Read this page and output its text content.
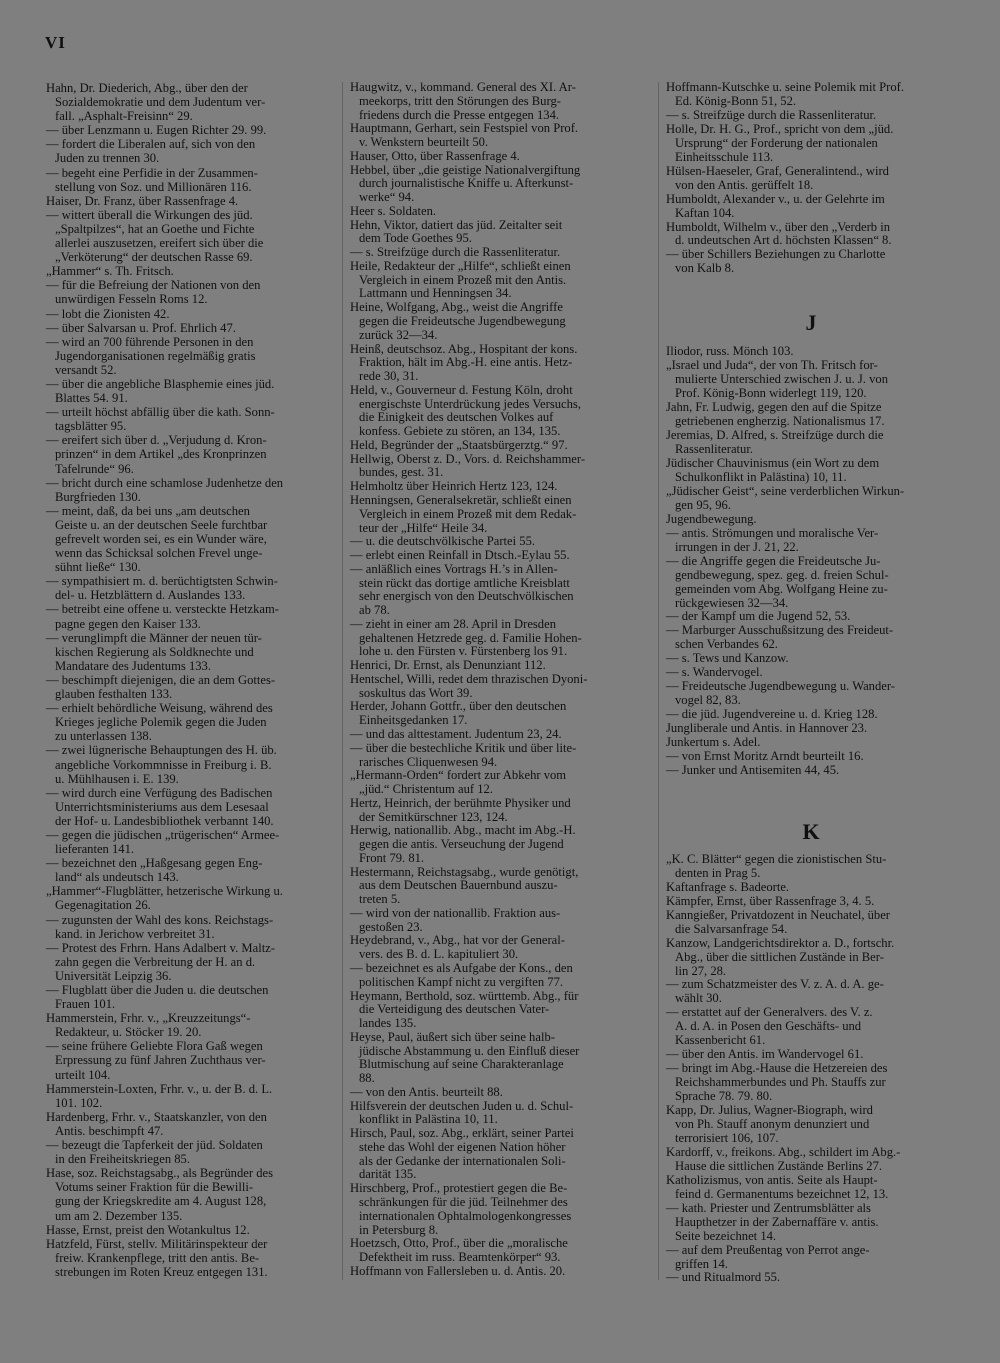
VI
Hahn, Dr. Diederich, Abg., über den der
Sozialdemokratie und dem Judentum ver-
fall. „Asphalt-Freisinn“ 29.
— über Lenzmann u. Eugen Richter 29. 99.
— fordert die Liberalen auf, sich von den
Juden zu trennen 30.
— begeht eine Perfidie in der Zusammen-
stellung von Soz. und Millionären 116.
Haiser, Dr. Franz, über Rassenfrage 4.
— wittert überall die Wirkungen des jüd.
„Spaltpilzes“, hat an Goethe und Fichte
allerlei auszusetzen, ereifert sich über die
„Verköterung“ der deutschen Rasse 69.
„Hammer“ s. Th. Fritsch.
— für die Befreiung der Nationen von den
unwürdigen Fesseln Roms 12.
— lobt die Zionisten 42.
— über Salvarsan u. Prof. Ehrlich 47.
— wird an 700 führende Personen in den
Jugendorganisationen regelmäßig gratis
versandt 52.
— über die angebliche Blasphemie eines jüd.
Blattes 54. 91.
— urteilt höchst abfällig über die kath. Sonn-
tagsblätter 95.
— ereifert sich über d. „Verjudung d. Kron-
prinzen“ in dem Artikel „des Kronprinzen
Tafelrunde“ 96.
— bricht durch eine schamlose Judenhetze den
Burgfrieden 130.
— meint, daß, da bei uns „am deutschen
Geiste u. an der deutschen Seele furchtbar
gefrevelt worden sei, es ein Wunder wäre,
wenn das Schicksal solchen Frevel unge-
sühnt ließe“ 130.
— sympathisiert m. d. berüchtigtsten Schwin-
del- u. Hetzblättern d. Auslandes 133.
— betreibt eine offene u. versteckte Hetzkam-
pagne gegen den Kaiser 133.
— verunglimpft die Männer der neuen tür-
kischen Regierung als Soldknechte und
Mandatare des Judentums 133.
— beschimpft diejenigen, die an dem Gottes-
glauben festhalten 133.
— erhielt behördliche Weisung, während des
Krieges jegliche Polemik gegen die Juden
zu unterlassen 138.
— zwei lügnerische Behauptungen des H. üb.
angebliche Vorkommnisse in Freiburg i. B.
u. Mühlhausen i. E. 139.
— wird durch eine Verfügung des Badischen
Unterrichtsministeriums aus dem Lesesaal
der Hof- u. Landesbibliothek verbannt 140.
— gegen die jüdischen „trügerischen“ Armee-
lieferanten 141.
— bezeichnet den „Haßgesang gegen Eng-
land“ als undeutsch 143.
„Hammer“-Flugblätter, hetzerische Wirkung u.
Gegenagitation 26.
— zugunsten der Wahl des kons. Reichstags-
kand. in Jerichow verbreitet 31.
— Protest des Frhrn. Hans Adalbert v. Maltz-
zahn gegen die Verbreitung der H. an d.
Universität Leipzig 36.
— Flugblatt über die Juden u. die deutschen
Frauen 101.
Hammerstein, Frhr. v., „Kreuzzeitungs“-
Redakteur, u. Stöcker 19. 20.
— seine frühere Geliebte Flora Gaß wegen
Erpressung zu fünf Jahren Zuchthaus ver-
urteilt 104.
Hammerstein-Loxten, Frhr. v., u. der B. d. L.
101. 102.
Hardenberg, Frhr. v., Staatskanzler, von den
Antis. beschimpft 47.
— bezeugt die Tapferkeit der jüd. Soldaten
in den Freiheitskriegen 85.
Hase, soz. Reichstagsabg., als Begründer des
Votums seiner Fraktion für die Bewilli-
gung der Kriegskredite am 4. August 128,
um am 2. Dezember 135.
Hasse, Ernst, preist den Wotankultus 12.
Hatzfeld, Fürst, stellv. Militärinspekteur der
freiw. Krankenpflege, tritt den antis. Be-
strebungen im Roten Kreuz entgegen 131.
Haugwitz, v., kommand. General des XI. Ar-
meekorps, tritt den Störungen des Burg-
friedens durch die Presse entgegen 134.
Hauptmann, Gerhart, sein Festspiel von Prof.
v. Wenkstern beurteilt 50.
Hauser, Otto, über Rassenfrage 4.
Hebbel, über „die geistige Nationalvergiftung
durch journalistische Kniffe u. Afterkunst-
werke“ 94.
Heer s. Soldaten.
Hehn, Viktor, datiert das jüd. Zeitalter seit
dem Tode Goethes 95.
— s. Streifzüge durch die Rassenliteratur.
Heile, Redakteur der „Hilfe“, schließt einen
Vergleich in einem Prozeß mit den Antis.
Lattmann und Henningsen 34.
Heine, Wolfgang, Abg., weist die Angriffe
gegen die Freideutsche Jugendbewegung
zurück 32—34.
Heinß, deutschsoz. Abg., Hospitant der kons.
Fraktion, hält im Abg.-H. eine antis. Hetz-
rede 30, 31.
Held, v., Gouverneur d. Festung Köln, droht
energischste Unterdrückung jedes Versuchs,
die Einigkeit des deutschen Volkes auf
konfess. Gebiete zu stören, an 134, 135.
Held, Begründer der „Staatsbürgerztg.“ 97.
Hellwig, Oberst z. D., Vors. d. Reichshammer-
bundes, gest. 31.
Helmholtz über Heinrich Hertz 123, 124.
Henningsen, Generalsekretär, schließt einen
Vergleich in einem Prozeß mit dem Redak-
teur der „Hilfe“ Heile 34.
— u. die deutschvölkische Partei 55.
— erlebt einen Reinfall in Dtsch.-Eylau 55.
— anläßlich eines Vortrags H.’s in Allen-
stein rückt das dortige amtliche Kreisblatt
sehr energisch von den Deutschvölkischen
ab 78.
— zieht in einer am 28. April in Dresden
gehaltenen Hetzrede geg. d. Familie Hohen-
lohe u. den Fürsten v. Fürstenberg los 91.
Henrici, Dr. Ernst, als Denunziant 112.
Hentschel, Willi, redet dem thrazischen Dyoni-
soskultus das Wort 39.
Herder, Johann Gottfr., über den deutschen
Einheitsgedanken 17.
— und das alttestament. Judentum 23, 24.
— über die bestechliche Kritik und über lite-
rarisches Cliquenwesen 94.
„Hermann-Orden“ fordert zur Abkehr vom
„jüd.“ Christentum auf 12.
Hertz, Heinrich, der berühmte Physiker und
der Semitkürschner 123, 124.
Herwig, nationallib. Abg., macht im Abg.-H.
gegen die antis. Verseuchung der Jugend
Front 79. 81.
Hestermann, Reichstagsabg., wurde genötigt,
aus dem Deutschen Bauernbund auszu-
treten 5.
— wird von der nationallib. Fraktion aus-
gestoßen 23.
Heydebrand, v., Abg., hat vor der General-
vers. des B. d. L. kapituliert 30.
— bezeichnet es als Aufgabe der Kons., den
politischen Kampf nicht zu vergiften 77.
Heymann, Berthold, soz. württemb. Abg., für
die Verteidigung des deutschen Vater-
landes 135.
Heyse, Paul, äußert sich über seine halb-
jüdische Abstammung u. den Einfluß dieser
Blutmischung auf seine Charakteranlage
88.
— von den Antis. beurteilt 88.
Hilfsverein der deutschen Juden u. d. Schul-
konflikt in Palästina 10, 11.
Hirsch, Paul, soz. Abg., erklärt, seiner Partei
stehe das Wohl der eigenen Nation höher
als der Gedanke der internationalen Soli-
darität 135.
Hirschberg, Prof., protestiert gegen die Be-
schränkungen für die jüd. Teilnehmer des
internationalen Ophtalmologenkongresses
in Petersburg 8.
Hoetzsch, Otto, Prof., über die „moralische
Defektheit im russ. Beamtenkörper“ 93.
Hoffmann von Fallersleben u. d. Antis. 20.
Hoffmann-Kutschke u. seine Polemik mit Prof.
Ed. König-Bonn 51, 52.
— s. Streifzüge durch die Rassenliteratur.
Holle, Dr. H. G., Prof., spricht von dem „jüd.
Ursprung“ der Forderung der nationalen
Einheitsschule 113.
Hülsen-Haeseler, Graf, Generalintend., wird
von den Antis. gerüffelt 18.
Humboldt, Alexander v., u. der Gelehrte im
Kaftan 104.
Humboldt, Wilhelm v., über den „Verderb in
d. undeutschen Art d. höchsten Klassen“ 8.
— über Schillers Beziehungen zu Charlotte
von Kalb 8.
J
Iliodor, russ. Mönch 103.
„Israel und Juda“, der von Th. Fritsch for-
mulierte Unterschied zwischen J. u. J. von
Prof. König-Bonn widerlegt 119, 120.
Jahn, Fr. Ludwig, gegen den auf die Spitze
getriebenen engherzig. Nationalismus 17.
Jeremias, D. Alfred, s. Streifzüge durch die
Rassenliteratur.
Jüdischer Chauvinismus (ein Wort zu dem
Schulkonflikt in Palästina) 10, 11.
„Jüdischer Geist“, seine verderblichen Wirkun-
gen 95, 96.
Jugendbewegung.
— antis. Strömungen und moralische Ver-
irrungen in der J. 21, 22.
— die Angriffe gegen die Freideutsche Ju-
gendbewegung, spez. geg. d. freien Schul-
gemeinden vom Abg. Wolfgang Heine zu-
rückgewiesen 32—34.
— der Kampf um die Jugend 52, 53.
— Marburger Ausschußsitzung des Freideut-
schen Verbandes 62.
— s. Tews und Kanzow.
— s. Wandervogel.
— Freideutsche Jugendbewegung u. Wander-
vogel 82, 83.
— die jüd. Jugendvereine u. d. Krieg 128.
Jungliberale und Antis. in Hannover 23.
Junkertum s. Adel.
— von Ernst Moritz Arndt beurteilt 16.
— Junker und Antisemiten 44, 45.
K
„K. C. Blätter“ gegen die zionistischen Stu-
denten in Prag 5.
Kaftanfrage s. Badeorte.
Kämpfer, Ernst, über Rassenfrage 3, 4. 5.
Kanngießer, Privatdozent in Neuchatel, über
die Salvarsanfrage 54.
Kanzow, Landgerichtsdirektor a. D., fortschr.
Abg., über die sittlichen Zustände in Ber-
lin 27, 28.
— zum Schatzmeister des V. z. A. d. A. ge-
wählt 30.
— erstattet auf der Generalvers. des V. z.
A. d. A. in Posen den Geschäfts- und
Kassenbericht 61.
— über den Antis. im Wandervogel 61.
— bringt im Abg.-Hause die Hetzereien des
Reichshammerbundes und Ph. Stauffs zur
Sprache 78. 79. 80.
Kapp, Dr. Julius, Wagner-Biograph, wird
von Ph. Stauff anonym denunziert und
terrorisiert 106, 107.
Kardorff, v., freikons. Abg., schildert im Abg.-
Hause die sittlichen Zustände Berlins 27.
Katholizismus, von antis. Seite als Haupt-
feind d. Germanentums bezeichnet 12, 13.
— kath. Priester und Zentrumsblätter als
Haupthetzer in der Zabernaffäre v. antis.
Seite bezeichnet 14.
— auf dem Preußentag von Perrot ange-
griffen 14.
— und Ritualmord 55.
